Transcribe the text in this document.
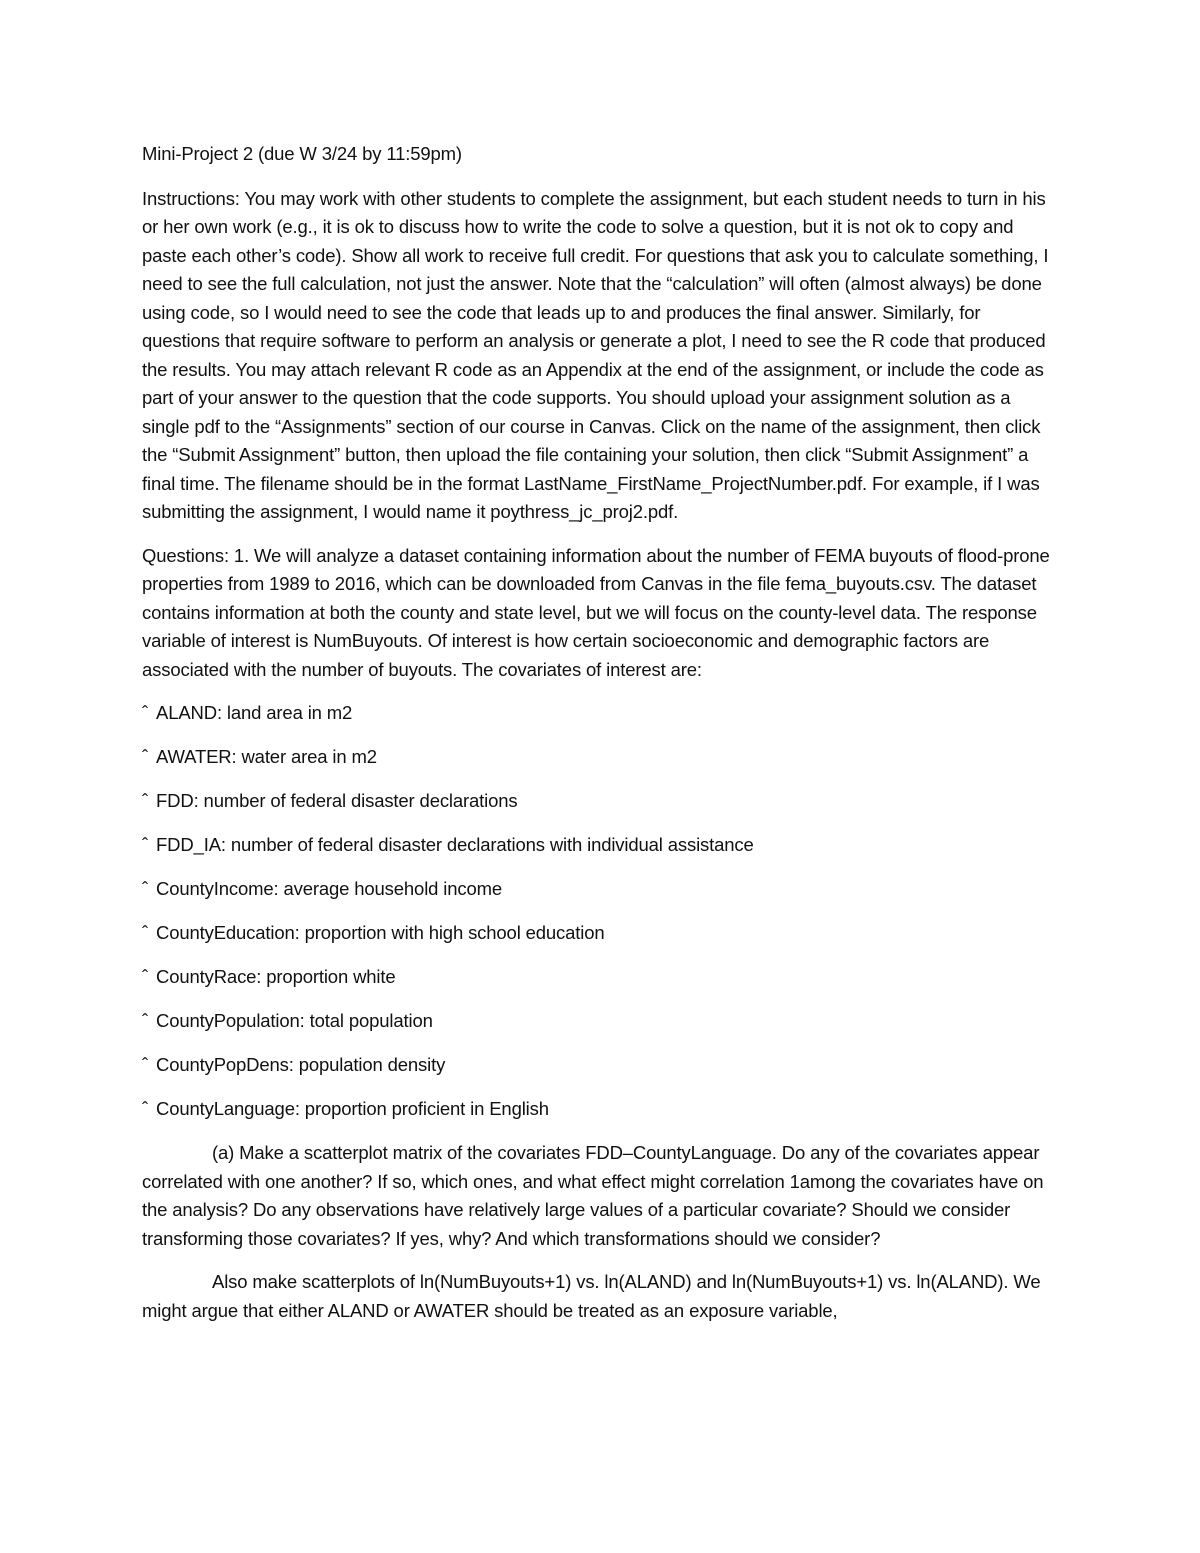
Mini-Project 2 (due W 3/24 by 11:59pm)

Instructions: You may work with other students to complete the assignment, but each student needs to turn in his or her own work (e.g., it is ok to discuss how to write the code to solve a question, but it is not ok to copy and paste each other’s code). Show all work to receive full credit. For questions that ask you to calculate something, I need to see the full calculation, not just the answer. Note that the “calculation” will often (almost always) be done using code, so I would need to see the code that leads up to and produces the final answer. Similarly, for questions that require software to perform an analysis or generate a plot, I need to see the R code that produced the results. You may attach relevant R code as an Appendix at the end of the assignment, or include the code as part of your answer to the question that the code supports. You should upload your assignment solution as a single pdf to the “Assignments” section of our course in Canvas. Click on the name of the assignment, then click the “Submit Assignment” button, then upload the file containing your solution, then click “Submit Assignment” a final time. The filename should be in the format LastName_FirstName_ProjectNumber.pdf. For example, if I was submitting the assignment, I would name it poythress_jc_proj2.pdf.

Questions: 1. We will analyze a dataset containing information about the number of FEMA buyouts of flood-prone properties from 1989 to 2016, which can be downloaded from Canvas in the file fema_buyouts.csv. The dataset contains information at both the county and state level, but we will focus on the county-level data. The response variable of interest is NumBuyouts. Of interest is how certain socioeconomic and demographic factors are associated with the number of buyouts. The covariates of interest are:

ˆ ALAND: land area in m2
ˆ AWATER: water area in m2
ˆ FDD: number of federal disaster declarations
ˆ FDD_IA: number of federal disaster declarations with individual assistance
ˆ CountyIncome: average household income
ˆ CountyEducation: proportion with high school education
ˆ CountyRace: proportion white
ˆ CountyPopulation: total population
ˆ CountyPopDens: population density
ˆ CountyLanguage: proportion proficient in English

(a) Make a scatterplot matrix of the covariates FDD–CountyLanguage. Do any of the covariates appear correlated with one another? If so, which ones, and what effect might correlation 1among the covariates have on the analysis? Do any observations have relatively large values of a particular covariate? Should we consider transforming those covariates? If yes, why? And which transformations should we consider?

Also make scatterplots of ln(NumBuyouts+1) vs. ln(ALAND) and ln(NumBuyouts+1) vs. ln(ALAND). We might argue that either ALAND or AWATER should be treated as an exposure variable,
